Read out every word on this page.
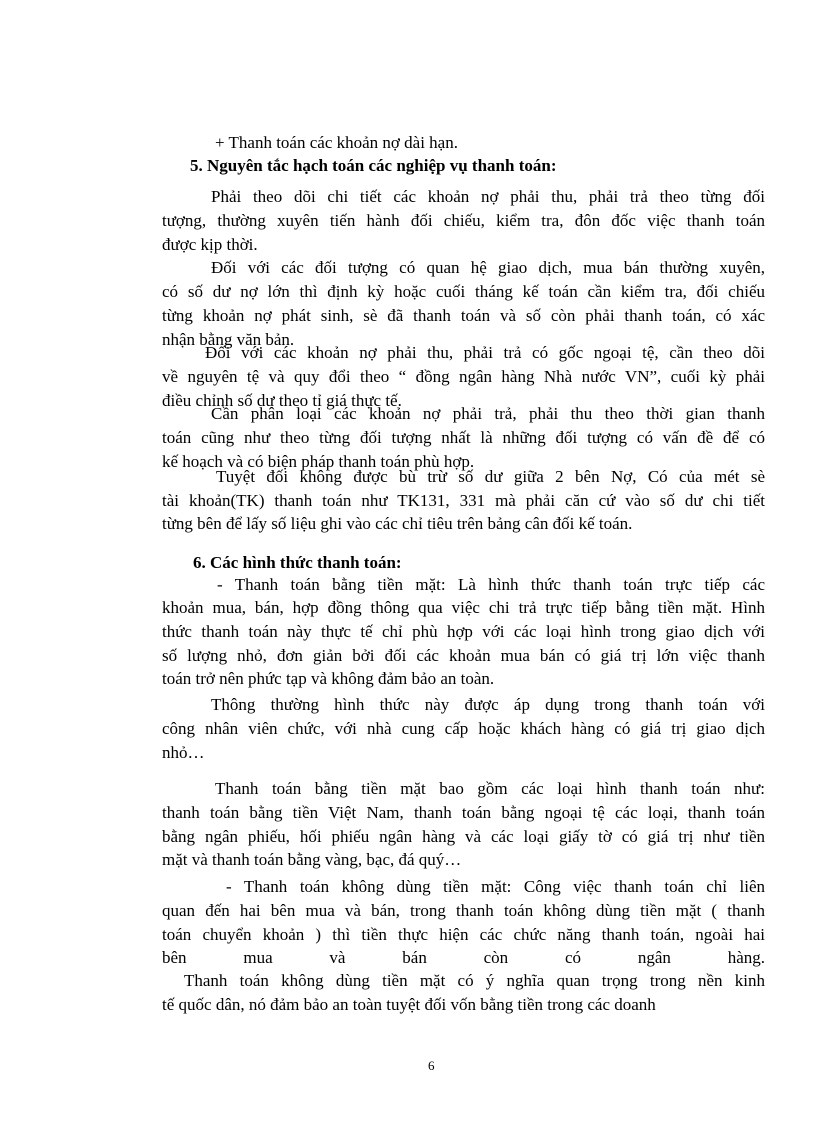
+ Thanh toán các khoản nợ dài hạn.
5. Nguyên tắc hạch toán các nghiệp vụ thanh toán:
Phải theo dõi chi tiết các khoản nợ phải thu, phải trả theo từng đối
tượng, thường xuyên tiến hành đối chiếu, kiểm tra, đôn đốc việc thanh toán
được kịp thời.
Đối với các đối tượng có quan hệ giao dịch, mua bán thường xuyên,
có số dư nợ lớn thì định kỳ hoặc cuối tháng kế toán cần kiểm tra, đối chiếu
từng khoản nợ phát sinh, sè đã thanh toán và số còn phải thanh toán, có xác
nhận bằng văn bản.
Đối với các khoản nợ phải thu, phải trả có gốc ngoại tệ, cần theo dõi
về nguyên tệ và quy đổi theo “ đồng ngân hàng Nhà nước VN”, cuối kỳ phải
điều chỉnh số dư theo tỉ giá thực tế.
Cần phân loại các khoản nợ phải trả, phải thu theo thời gian thanh
toán cũng như theo từng đối tượng nhất là những đối tượng có vấn đề để có
kế hoạch và có biện pháp thanh toán phù hợp.
Tuyệt đối không được bù trừ số dư giữa 2 bên Nợ, Có của mét sè
tài khoản(TK) thanh toán như TK131, 331 mà phải căn cứ vào số dư chi tiết
từng bên để lấy số liệu ghi vào các chỉ tiêu trên bảng cân đối kế toán.
6. Các hình thức thanh toán:
- Thanh toán bằng tiền mặt: Là hình thức thanh toán trực tiếp các
khoản mua, bán, hợp đồng thông qua việc chi trả trực tiếp bằng tiền mặt. Hình
thức thanh toán này thực tế chỉ phù hợp với các loại hình trong giao dịch với
số lượng nhỏ, đơn giản bởi đối các khoản mua bán có giá trị lớn việc thanh
toán trở nên phức tạp và không đảm bảo an toàn.
Thông thường hình thức này được áp dụng trong thanh toán với
công nhân viên chức, với nhà cung cấp hoặc khách hàng có giá trị giao dịch
nhỏ…
Thanh toán bằng tiền mặt bao gồm các loại hình thanh toán như:
thanh toán bằng tiền Việt Nam, thanh toán bằng ngoại tệ các loại, thanh toán
bằng ngân phiếu, hối phiếu ngân hàng và các loại giấy tờ có giá trị như tiền
mặt và thanh toán bằng vàng, bạc, đá quý…
- Thanh toán không dùng tiền mặt: Công việc thanh toán chỉ liên
quan đến hai bên mua và bán, trong thanh toán không dùng tiền mặt ( thanh
toán chuyển khoản ) thì tiền thực hiện các chức năng thanh toán, ngoài hai
bên mua và bán còn có ngân hàng.
Thanh toán không dùng tiền mặt có ý nghĩa quan trọng trong nền kinh
tế quốc dân, nó đảm bảo an toàn tuyệt đối vốn bằng tiền trong các doanh
6
